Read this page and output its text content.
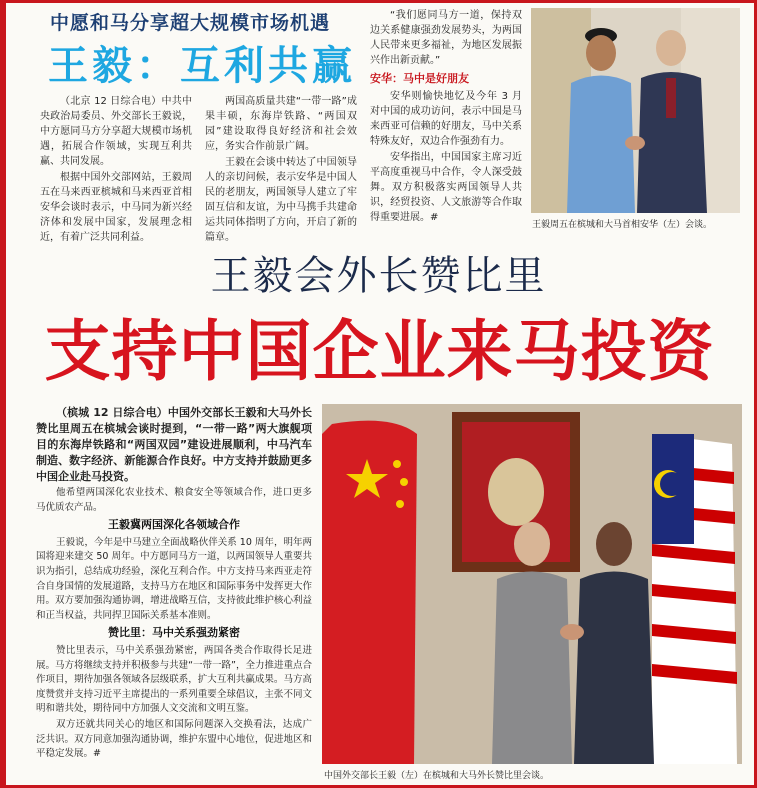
中愿和马分享超大规模市场机遇
王毅：互利共赢

（北京 12 日综合电）中共中央政治局委员、外交部长王毅说，中方愿同马方分享超大规模市场机遇，拓展合作领域，实现互利共赢、共同发展。

根据中国外交部网站，王毅周五在马来西亚槟城和马来西亚首相安华会谈时表示，中马同为新兴经济体和发展中国家，发展理念相近，有着广泛共同利益。

两国高质量共建“一带一路”成果丰硕，东海岸铁路、“两国双园”建设取得良好经济和社会效应，务实合作前景广阔。

王毅在会谈中转达了中国领导人的亲切问候，表示安华是中国人民的老朋友，两国领导人建立了牢固互信和友谊，为中马携手共建命运共同体指明了方向，开启了新的篇章。

“我们愿同马方一道，保持双边关系健康强劲发展势头，为两国人民带来更多福祉，为地区发展振兴作出新贡献。”

安华：马中是好朋友

安华则愉快地忆及今年 3 月对中国的成功访问，表示中国是马来西亚可信赖的好朋友，马中关系特殊友好，双边合作强劲有力。

安华指出，中国国家主席习近平高度重视马中合作，令人深受鼓舞。双方积极落实两国领导人共识，经贸投资、人文旅游等合作取得重要进展。#

王毅周五在槟城和大马首相安华（左）会谈。
王毅会外长赞比里
支持中国企业来马投资

（槟城 12 日综合电）中国外交部长王毅和大马外长赞比里周五在槟城会谈时提到，“一带一路”两大旗舰项目的东海岸铁路和“两国双园”建设进展顺利，中马汽车制造、数字经济、新能源合作良好。中方支持并鼓励更多中国企业赴马投资。

他希望两国深化农业技术、粮食安全等领域合作，进口更多马优质农产品。

王毅冀两国深化各领域合作

王毅说，今年是中马建立全面战略伙伴关系 10 周年，明年两国将迎来建交 50 周年。中方愿同马方一道，以两国领导人重要共识为指引，总结成功经验，深化互利合作。中方支持马来西亚走符合自身国情的发展道路，支持马方在地区和国际事务中发挥更大作用。双方要加强沟通协调，增进战略互信，支持彼此维护核心利益和正当权益，共同捍卫国际关系基本准则。

赞比里：马中关系强劲紧密

赞比里表示，马中关系强劲紧密，两国各类合作取得长足进展。马方将继续支持并积极参与共建“一带一路”，全力推进重点合作项目，期待加强各领域各层级联系，扩大互利共赢成果。马方高度赞赏并支持习近平主席提出的一系列重要全球倡议，主张不同文明和谐共处，期待同中方加强人文交流和文明互鉴。

双方还就共同关心的地区和国际问题深入交换看法，达成广泛共识。双方同意加强沟通协调，维护东盟中心地位，促进地区和平稳定发展。#

中国外交部长王毅（左）在槟城和大马外长赞比里会谈。
